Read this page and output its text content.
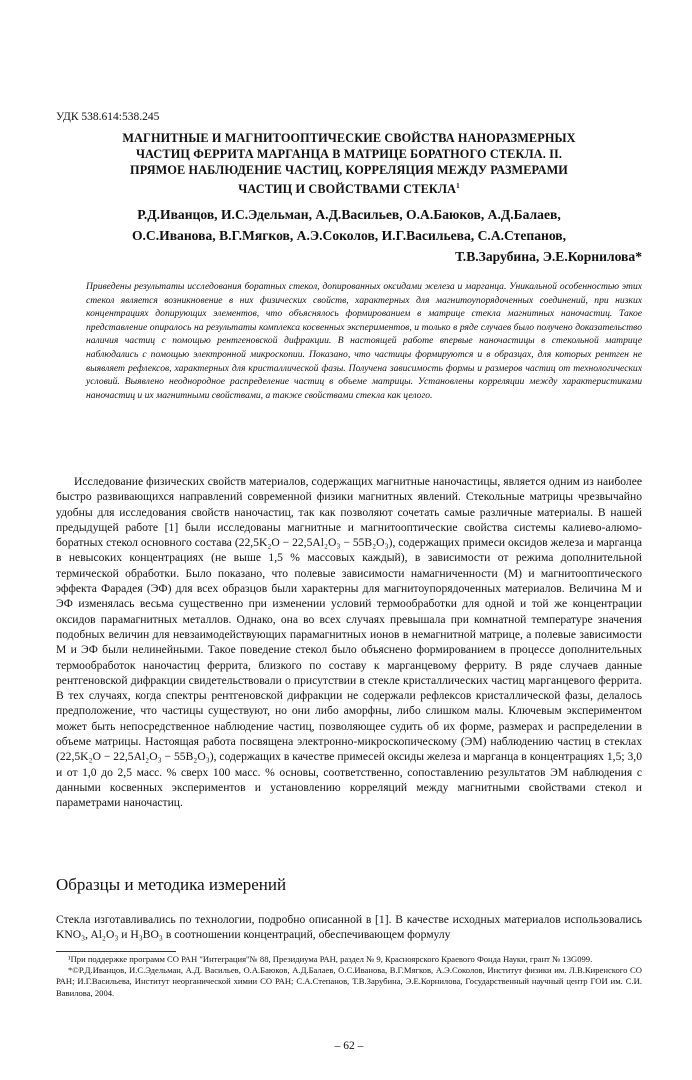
УДК 538.614:538.245
МАГНИТНЫЕ И МАГНИТООПТИЧЕСКИЕ СВОЙСТВА НАНОРАЗМЕРНЫХ
ЧАСТИЦ ФЕРРИТА МАРГАНЦА В МАТРИЦЕ БОРАТНОГО СТЕКЛА. II.
ПРЯМОЕ НАБЛЮДЕНИЕ ЧАСТИЦ, КОРРЕЛЯЦИЯ МЕЖДУ РАЗМЕРАМИ
ЧАСТИЦ И СВОЙСТВАМИ СТЕКЛА$^1$
Р.Д.Иванцов, И.С.Эдельман, А.Д.Васильев, О.А.Баюков, А.Д.Балаев,
О.С.Иванова, В.Г.Мягков, А.Э.Соколов, И.Г.Васильева, С.А.Степанов,
Т.В.Зарубина, Э.Е.Корнилова*
Приведены результаты исследования боратных стекол, допированных оксидами железа и марганца. Уникальной особенностью этих стекол является возникновение в них физических свойств, характерных для магнитоупорядоченных соединений, при низких концентрациях допирующих элементов, что объяснялось формированием в матрице стекла магнитных наночастиц. Такое представление опиралось на результаты комплекса косвенных экспериментов, и только в ряде случаев было получено доказательство наличия частиц с помощью рентгеновской дифракции. В настоящей работе впервые наночастицы в стекольной матрице наблюдались с помощью электронной микроскопии. Показано, что частицы формируются и в образцах, для которых рентген не выявляет рефлексов, характерных для кристаллической фазы. Получена зависимость формы и размеров частиц от технологических условий. Выявлено неоднородное распределение частиц в объеме матрицы. Установлены корреляции между характеристиками наночастиц и их магнитными свойствами, а также свойствами стекла как целого.

Исследование физических свойств материалов, содержащих магнитные наночастицы, является одним из наиболее быстро развивающихся направлений современной физики магнитных явлений. Стекольные матрицы чрезвычайно удобны для исследования свойств наночастиц, так как позволяют сочетать самые различные материалы. В нашей предыдущей работе [1] были исследованы магнитные и магнитооптические свойства системы калиево-алюмо-боратных стекол основного состава (22,5K₂O − 22,5Al₂O₃ − 55B₂O₃), содержащих примеси оксидов железа и марганца в невысоких концентрациях (не выше 1,5 % массовых каждый), в зависимости от режима дополнительной термической обработки. Было показано, что полевые зависимости намагниченности (М) и магнитооптического эффекта Фарадея (ЭФ) для всех образцов были характерны для магнитоупорядоченных материалов. Величина М и ЭФ изменялась весьма существенно при изменении условий термообработки для одной и той же концентрации оксидов парамагнитных металлов. Однако, она во всех случаях превышала при комнатной температуре значения подобных величин для невзаимодействующих парамагнитных ионов в немагнитной матрице, а полевые зависимости М и ЭФ были нелинейными. Такое поведение стекол было объяснено формированием в процессе дополнительных термообработок наночастиц феррита, близкого по составу к марганцевому ферриту. В ряде случаев данные рентгеновской дифракции свидетельствовали о присутствии в стекле кристаллических частиц марганцевого феррита. В тех случаях, когда спектры рентгеновской дифракции не содержали рефлексов кристаллической фазы, делалось предположение, что частицы существуют, но они либо аморфны, либо слишком малы. Ключевым экспериментом может быть непосредственное наблюдение частиц, позволяющее судить об их форме, размерах и распределении в объеме матрицы. Настоящая работа посвящена электронно-микроскопическому (ЭМ) наблюдению частиц в стеклах (22,5K₂O − 22,5Al₂O₃ − 55B₂O₃), содержащих в качестве примесей оксиды железа и марганца в концентрациях 1,5; 3,0 и от 1,0 до 2,5 масс. % сверх 100 масс. % основы, соответственно, сопоставлению результатов ЭМ наблюдения с данными косвенных экспериментов и установлению корреляций между магнитными свойствами стекол и параметрами наночастиц.

Образцы и методика измерений
Стекла изготавливались по технологии, подробно описанной в [1]. В качестве исходных материалов использовались KNO₃, Al₂O₃ и H₃BO₃ в соотношении концентраций, обеспечивающем формулу

¹При поддержке программ СО РАН "Интеграция"№ 88, Президиума РАН, раздел № 9, Красноярского Краевого Фонда Науки, грант № 13G099.

*©Р.Д.Иванцов, И.С.Эдельман, А.Д. Васильев, О.А.Баюков, А.Д.Балаев, О.С.Иванова, В.Г.Мягков, А.Э.Соколов, Институт физики им. Л.В.Киренского СО РАН; И.Г.Васильева, Институт неорганической химии СО РАН; С.А.Степанов, Т.В.Зарубина, Э.Е.Корнилова, Государственный научный центр ГОИ им. С.И. Вавилова, 2004.

– 62 –
